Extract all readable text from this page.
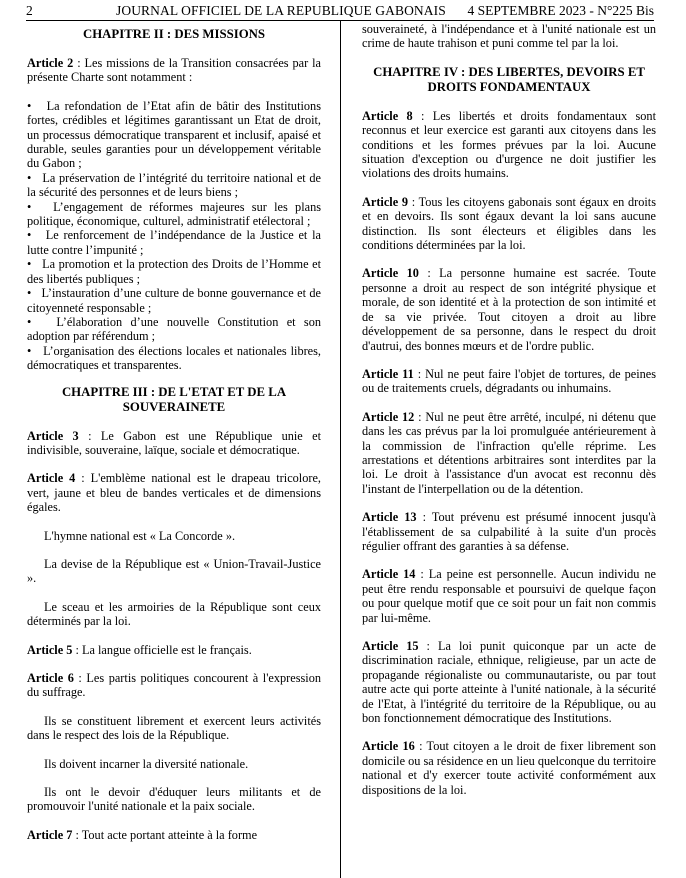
2	JOURNAL OFFICIEL DE LA REPUBLIQUE GABONAIS 4 SEPTEMBRE 2023 - N°225 Bis

CHAPITRE II : DES MISSIONS

Article 2 : Les missions de la Transition consacrées par la présente Charte sont notamment :

•   La refondation de l’Etat afin de bâtir des Institutions fortes, crédibles et légitimes garantissant un Etat de droit, un processus démocratique transparent et inclusif, apaisé et durable, seules garanties pour un développement véritable du Gabon ;

•   La préservation de l’intégrité du territoire national et de la sécurité des personnes et de leurs biens ;

•   L’engagement de réformes majeures sur les plans politique, économique, culturel, administratif etélectoral ;

•   Le renforcement de l’indépendance de la Justice et la lutte contre l’impunité ;

•   La promotion et la protection des Droits de l’Homme et des libertés publiques ;

•   L’instauration d’une culture de bonne gouvernance et de citoyenneté responsable ;

•   L’élaboration d’une nouvelle Constitution et son adoption par référendum ;

•   L’organisation des élections locales et nationales libres, démocratiques et transparentes.

CHAPITRE III : DE L'ETAT ET DE LA

SOUVERAINETE

Article 3 : Le Gabon est une République unie et indivisible, souveraine, laïque, sociale et démocratique.

Article 4 : L'emblème national est le drapeau tricolore, vert, jaune et bleu de bandes verticales et de dimensions égales.

L'hymne national est « La Concorde ».

La devise de la République est « Union-Travail-Justice ».

Le sceau et les armoiries de la République sont ceux déterminés par la loi.

Article 5 : La langue officielle est le français.

Article 6 : Les partis politiques concourent à l'expression du suffrage.

Ils se constituent librement et exercent leurs activités dans le respect des lois de la République.

Ils doivent incarner la diversité nationale.

Ils ont le devoir d'éduquer leurs militants et de promouvoir l'unité nationale et la paix sociale.

Article 7 : Tout acte portant atteinte à la forme

souveraineté, à l'indépendance et à l'unité nationale est un crime de haute trahison et puni comme tel par la loi.

CHAPITRE IV : DES LIBERTES, DEVOIRS ET

DROITS FONDAMENTAUX

Article 8 : Les libertés et droits fondamentaux sont reconnus et leur exercice est garanti aux citoyens dans les conditions et les formes prévues par la loi. Aucune situation d'exception ou d'urgence ne doit justifier les violations des droits humains.

Article 9 : Tous les citoyens gabonais sont égaux en droits et en devoirs. Ils sont égaux devant la loi sans aucune distinction. Ils sont électeurs et éligibles dans les conditions déterminées par la loi.

Article 10 : La personne humaine est sacrée. Toute personne a droit au respect de son intégrité physique et morale, de son identité et à la protection de son intimité et de sa vie privée. Tout citoyen a droit au libre développement de sa personne, dans le respect du droit d'autrui, des bonnes mœurs et de l'ordre public.

Article 11 : Nul ne peut faire l'objet de tortures, de peines ou de traitements cruels, dégradants ou inhumains.

Article 12 : Nul ne peut être arrêté, inculpé, ni détenu que dans les cas prévus par la loi promulguée antérieurement à la commission de l'infraction qu'elle réprime. Les arrestations et détentions arbitraires sont interdites par la loi. Le droit à l'assistance d'un avocat est reconnu dès l'instant de l'interpellation ou de la détention.

Article 13 : Tout prévenu est présumé innocent jusqu'à l'établissement de sa culpabilité à la suite d'un procès régulier offrant des garanties à sa défense.

Article 14 : La peine est personnelle. Aucun individu ne peut être rendu responsable et poursuivi de quelque façon ou pour quelque motif que ce soit pour un fait non commis par lui-même.

Article 15 : La loi punit quiconque par un acte de discrimination raciale, ethnique, religieuse, par un acte de propagande régionaliste ou communautariste, ou par tout autre acte qui porte atteinte à l'unité nationale, à la sécurité de l'Etat, à l'intégrité du territoire de la République, ou au bon fonctionnement démocratique des Institutions.

Article 16 : Tout citoyen a le droit de fixer librement son domicile ou sa résidence en un lieu quelconque du territoire national et d'y exercer toute activité conformément aux dispositions de la loi.
